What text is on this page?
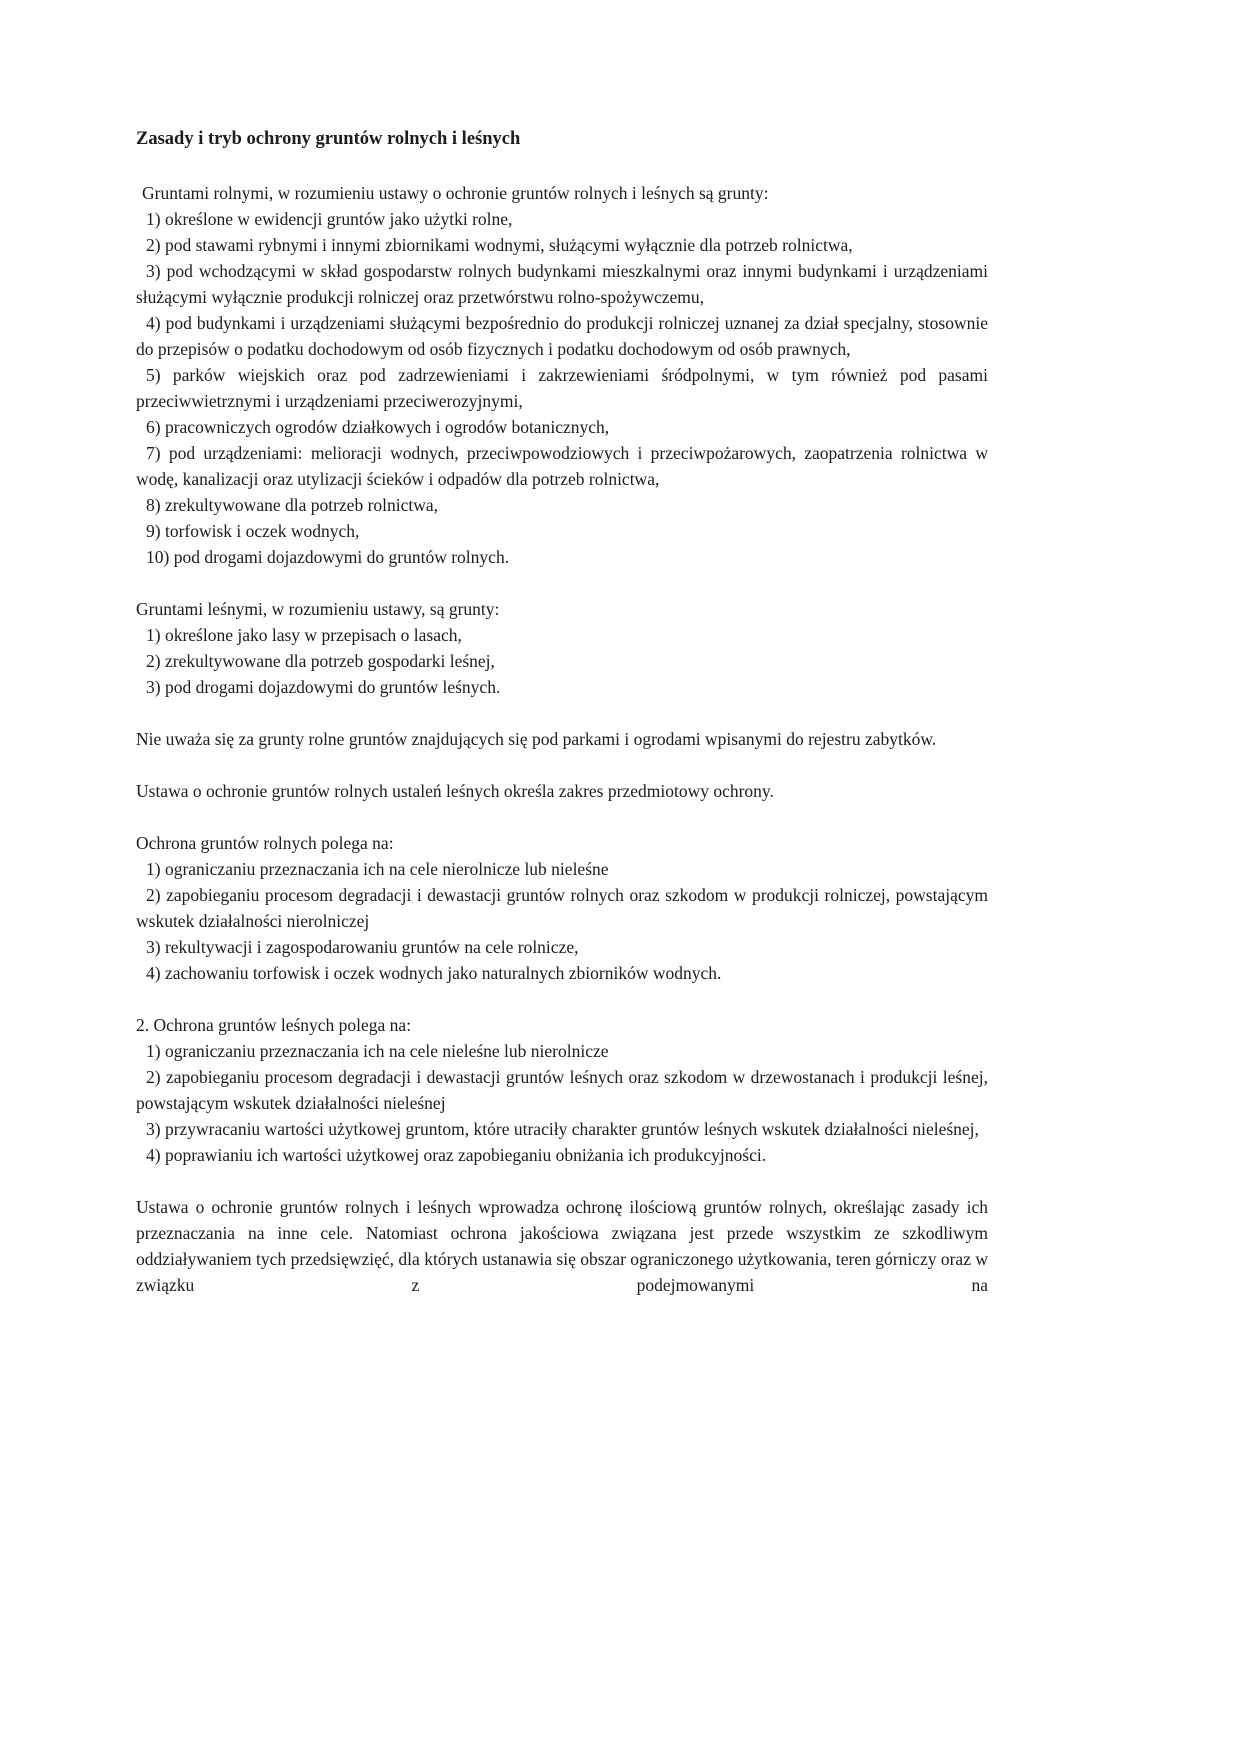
Zasady i tryb ochrony gruntów rolnych i leśnych

Gruntami rolnymi, w rozumieniu ustawy o ochronie gruntów rolnych i leśnych są grunty:

1) określone w ewidencji gruntów jako użytki rolne,

2) pod stawami rybnymi i innymi zbiornikami wodnymi, służącymi wyłącznie dla potrzeb rolnictwa,

3) pod wchodzącymi w skład gospodarstw rolnych budynkami mieszkalnymi oraz innymi budynkami i urządzeniami służącymi wyłącznie produkcji rolniczej oraz przetwórstwu rolno-spożywczemu,

4) pod budynkami i urządzeniami służącymi bezpośrednio do produkcji rolniczej uznanej za dział specjalny, stosownie do przepisów o podatku dochodowym od osób fizycznych i podatku dochodowym od osób prawnych,

5) parków wiejskich oraz pod zadrzewieniami i zakrzewieniami śródpolnymi, w tym również pod pasami przeciwwietrznymi i urządzeniami przeciwerozyjnymi,

6) pracowniczych ogrodów działkowych i ogrodów botanicznych,

7) pod urządzeniami: melioracji wodnych, przeciwpowodziowych i przeciwpożarowych, zaopatrzenia rolnictwa w wodę, kanalizacji oraz utylizacji ścieków i odpadów dla potrzeb rolnictwa,

8) zrekultywowane dla potrzeb rolnictwa,

9) torfowisk i oczek wodnych,

10) pod drogami dojazdowymi do gruntów rolnych.

Gruntami leśnymi, w rozumieniu ustawy, są grunty:

1) określone jako lasy w przepisach o lasach,

2) zrekultywowane dla potrzeb gospodarki leśnej,

3) pod drogami dojazdowymi do gruntów leśnych.

Nie uważa się za grunty rolne gruntów znajdujących się pod parkami i ogrodami wpisanymi do rejestru zabytków.

Ustawa o ochronie gruntów rolnych ustaleń leśnych określa zakres przedmiotowy ochrony.

Ochrona gruntów rolnych polega na:

1) ograniczaniu przeznaczania ich na cele nierolnicze lub nieleśne

2) zapobieganiu procesom degradacji i dewastacji gruntów rolnych oraz szkodom w produkcji rolniczej, powstającym wskutek działalności nierolniczej

3) rekultywacji i zagospodarowaniu gruntów na cele rolnicze,

4) zachowaniu torfowisk i oczek wodnych jako naturalnych zbiorników wodnych.

2. Ochrona gruntów leśnych polega na:

1) ograniczaniu przeznaczania ich na cele nieleśne lub nierolnicze

2) zapobieganiu procesom degradacji i dewastacji gruntów leśnych oraz szkodom w drzewostanach i produkcji leśnej, powstającym wskutek działalności nieleśnej

3) przywracaniu wartości użytkowej gruntom, które utraciły charakter gruntów leśnych wskutek działalności nieleśnej,

4) poprawianiu ich wartości użytkowej oraz zapobieganiu obniżania ich produkcyjności.

Ustawa o ochronie gruntów rolnych i leśnych wprowadza ochronę ilościową gruntów rolnych, określając zasady ich przeznaczania na inne cele. Natomiast ochrona jakościowa związana jest przede wszystkim ze szkodliwym oddziaływaniem tych przedsięwzięć, dla których ustanawia się obszar ograniczonego użytkowania, teren górniczy oraz w związku z podejmowanymi na
